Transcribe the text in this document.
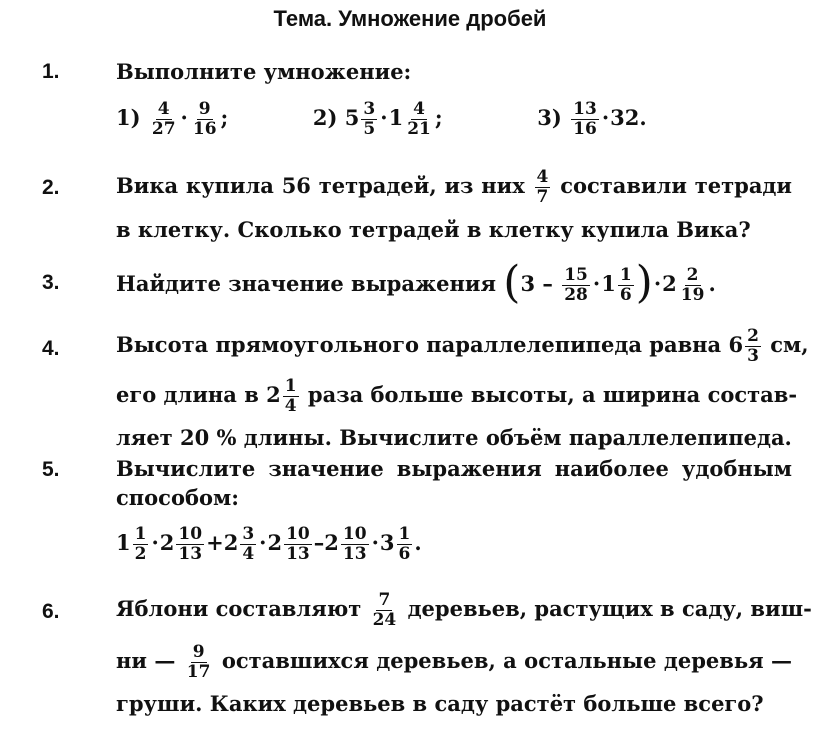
Тема. Умножение дробей
1.	Выполните умножение:
$1) \frac{4}{27} \cdot \frac{9}{16}$ ;	2) $5 \frac{3}{5} \cdot 1 \frac{4}{21}$ ;	$3) \frac{13}{16} \cdot 32$.
2.	Вика купила 56 тетрадей, из них $\frac{4}{7}$ составили тетради
в клетку. Сколько тетрадей в клетку купила Вика?
3.	Найдите значение выражения $(3 - \frac{15}{28} \cdot 1 \frac{1}{6} )\cdot 2 \frac{2}{19}$ .
4.	Высота прямоугольного параллелепипеда равна $6 \frac{2}{3}$ см,
его длина в $2 \frac{1}{4}$ раза больше высоты, а ширина состав-
ляет 20 % длины. Вычислите объём параллелепипеда.
5.	Вычислите значение выражения наиболее удобным
способом:
$1 \frac{1}{2} \cdot 2 \frac{10}{13} +2 \frac{3}{4} \cdot 2 \frac{10}{13} -2 \frac{10}{13} \cdot 3 \frac{1}{6}$ .
6.	Яблони составляют $\frac{7}{24}$ деревьев, растущих в саду, виш-
ни — $\frac{9}{17}$ оставшихся деревьев, а остальные деревья —
груши. Каких деревьев в саду растёт больше всего?
